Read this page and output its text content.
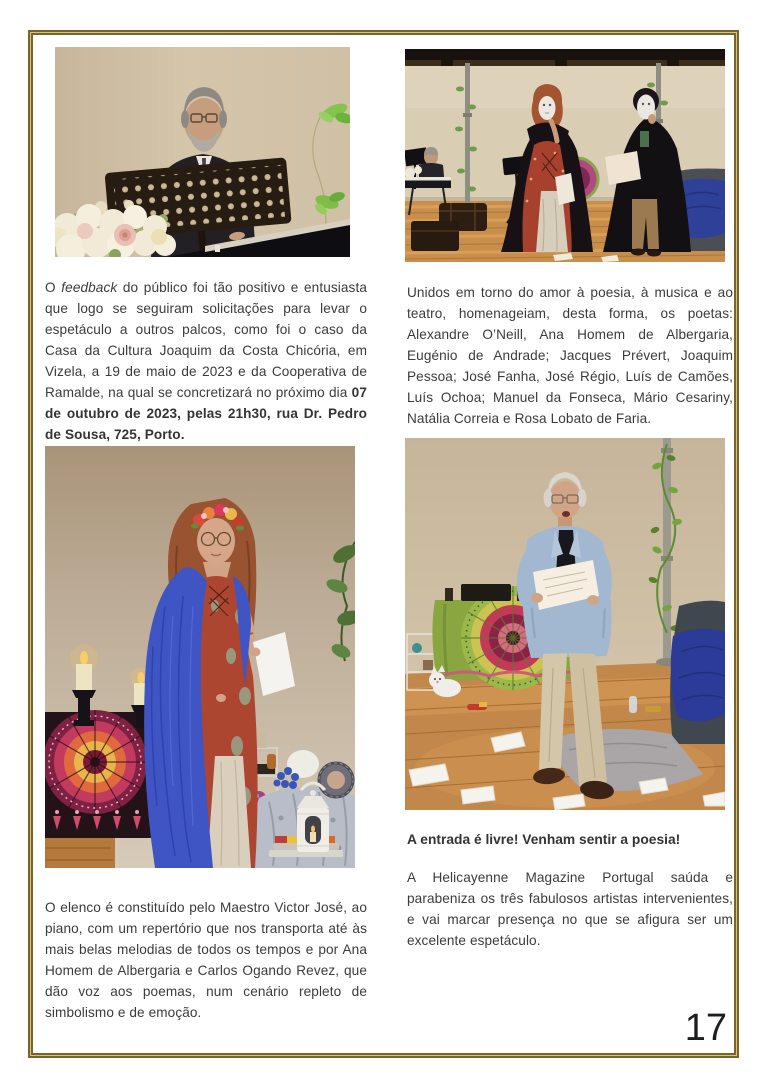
O feedback do público foi tão positivo e entusiasta que logo se seguiram solicitações para levar o espetáculo a outros palcos, como foi o caso da Casa da Cultura Joaquim da Costa Chicória, em Vizela, a 19 de maio de 2023 e da Cooperativa de Ramalde, na qual se concretizará no próximo dia 07 de outubro de 2023, pelas 21h30, rua Dr. Pedro de Sousa, 725, Porto.

Unidos em torno do amor à poesia, à musica e ao teatro, homenageiam, desta forma, os poetas: Alexandre O’Neill, Ana Homem de Albergaria, Eugénio de Andrade; Jacques Prévert, Joaquim Pessoa; José Fanha, José Régio, Luís de Camões, Luís Ochoa; Manuel da Fonseca, Mário Cesariny, Natália Correia e Rosa Lobato de Faria.

A entrada é livre! Venham sentir a poesia!

A Helicayenne Magazine Portugal saúda e parabeniza os três fabulosos artistas intervenientes, e vai marcar presença no que se afigura ser um excelente espetáculo.

O elenco é constituído pelo Maestro Victor José, ao piano, com um repertório que nos transporta até às mais belas melodias de todos os tempos e por Ana Homem de Albergaria e Carlos Ogando Revez, que dão voz aos poemas, num cenário repleto de simbolismo e de emoção.	17
